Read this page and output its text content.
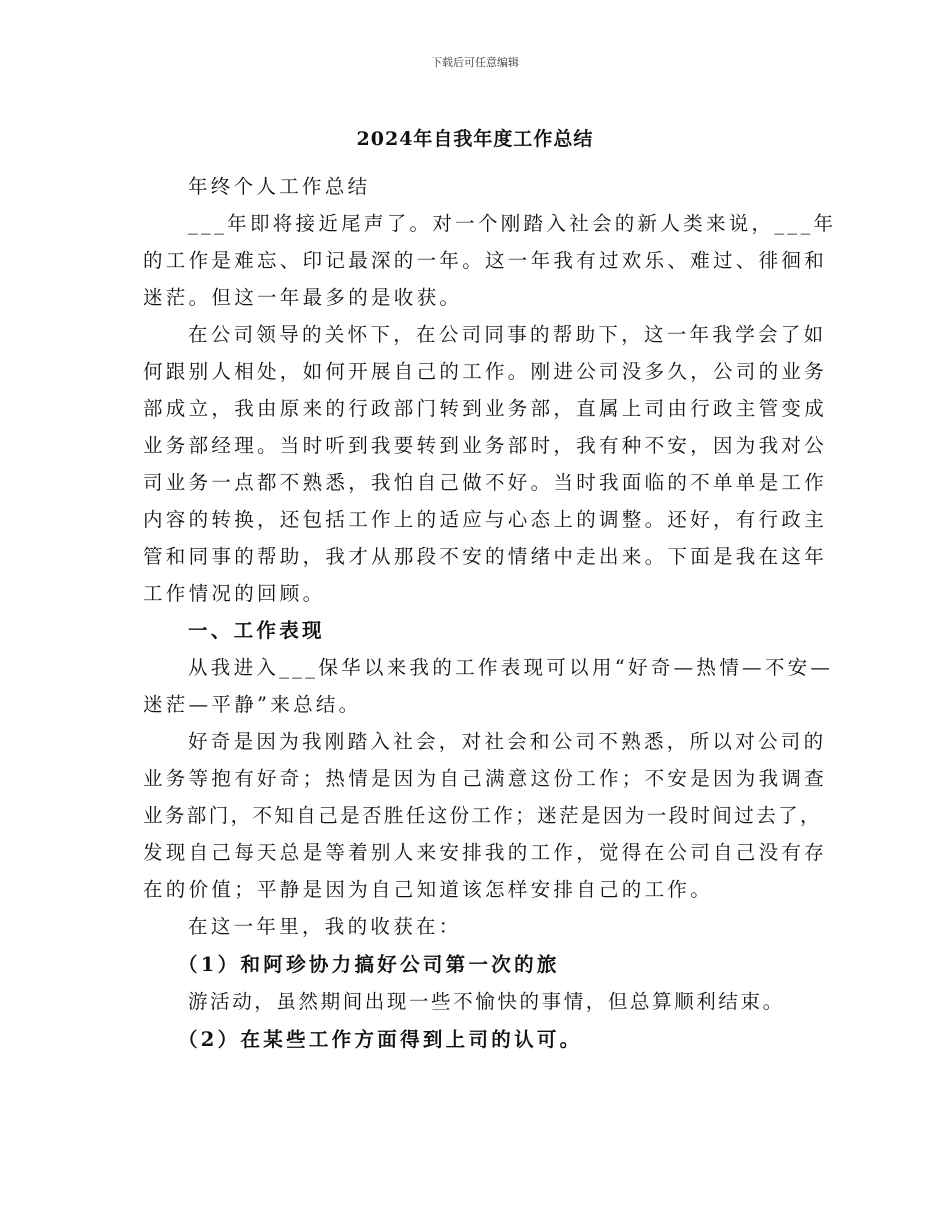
下载后可任意编辑
2024年自我年度工作总结
年终个人工作总结
___年即将接近尾声了。对一个刚踏入社会的新人类来说，___年
的工作是难忘、印记最深的一年。这一年我有过欢乐、难过、徘徊和
迷茫。但这一年最多的是收获。
在公司领导的关怀下，在公司同事的帮助下，这一年我学会了如
何跟别人相处，如何开展自己的工作。刚进公司没多久，公司的业务
部成立，我由原来的行政部门转到业务部，直属上司由行政主管变成
业务部经理。当时听到我要转到业务部时，我有种不安，因为我对公
司业务一点都不熟悉，我怕自己做不好。当时我面临的不单单是工作
内容的转换，还包括工作上的适应与心态上的调整。还好，有行政主
管和同事的帮助，我才从那段不安的情绪中走出来。下面是我在这年
工作情况的回顾。
一、工作表现
从我进入___保华以来我的工作表现可以用“好奇—热情—不安—
迷茫—平静”来总结。
好奇是因为我刚踏入社会，对社会和公司不熟悉，所以对公司的
业务等抱有好奇；热情是因为自己满意这份工作；不安是因为我调查
业务部门，不知自己是否胜任这份工作；迷茫是因为一段时间过去了，
发现自己每天总是等着别人来安排我的工作，觉得在公司自己没有存
在的价值；平静是因为自己知道该怎样安排自己的工作。
在这一年里，我的收获在：
（1）和阿珍协力搞好公司第一次的旅
游活动，虽然期间出现一些不愉快的事情，但总算顺利结束。
（2）在某些工作方面得到上司的认可。
